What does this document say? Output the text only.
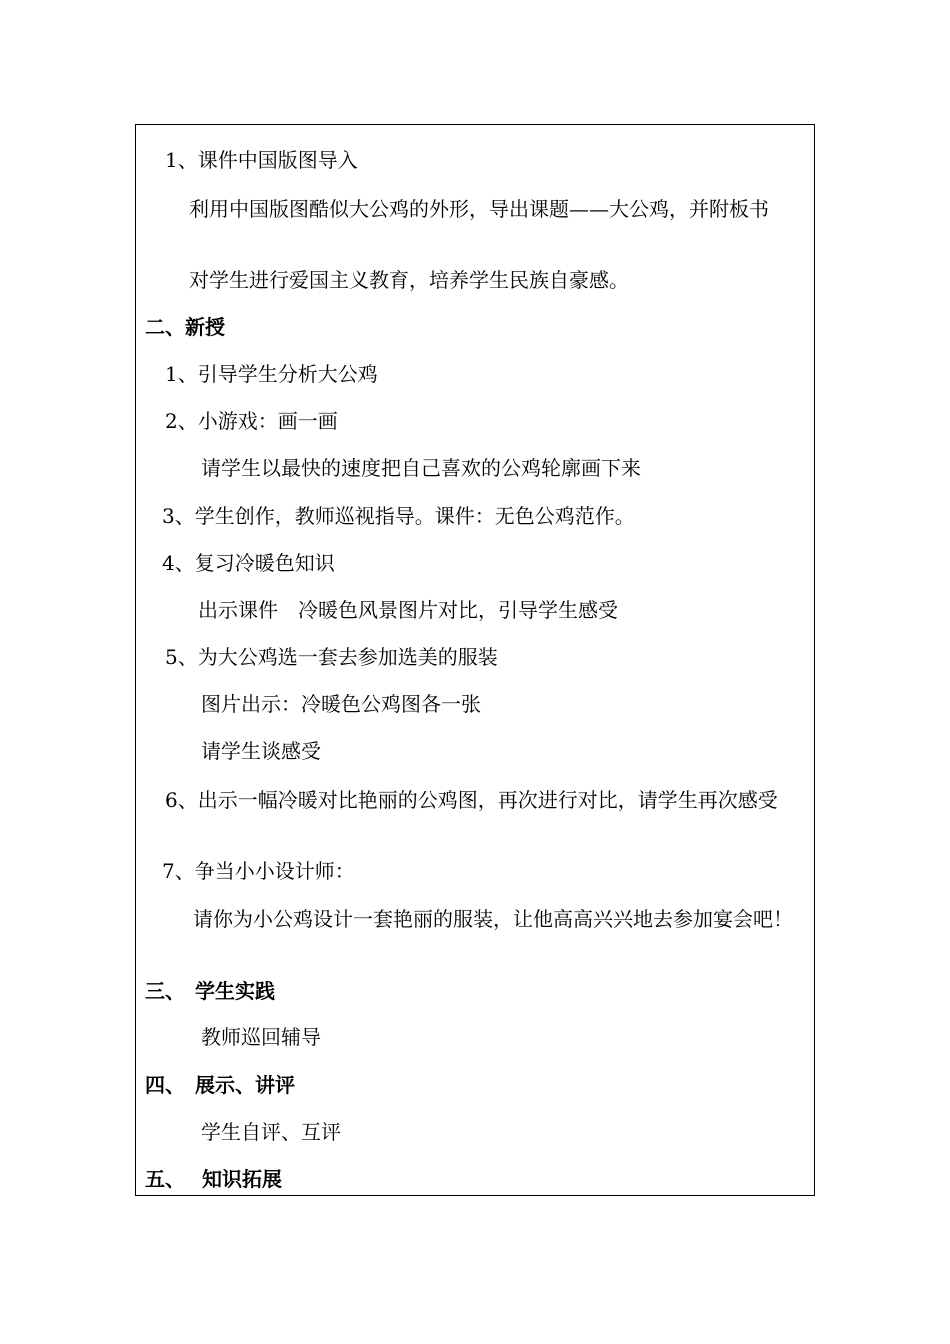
1、课件中国版图导入
利用中国版图酷似大公鸡的外形，导出课题——大公鸡，并附板书
对学生进行爱国主义教育，培养学生民族自豪感。
二、新授
1、引导学生分析大公鸡
2、小游戏：画一画
请学生以最快的速度把自己喜欢的公鸡轮廓画下来
3、学生创作，教师巡视指导。课件：无色公鸡范作。
4、复习冷暖色知识
出示课件　冷暖色风景图片对比，引导学生感受
5、为大公鸡选一套去参加选美的服装
图片出示：冷暖色公鸡图各一张
请学生谈感受
6、出示一幅冷暖对比艳丽的公鸡图，再次进行对比，请学生再次感受
7、争当小小设计师：
请你为小公鸡设计一套艳丽的服装，让他高高兴兴地去参加宴会吧！
三、　学生实践
教师巡回辅导
四、　展示、讲评
学生自评、互评
五、　 知识拓展
